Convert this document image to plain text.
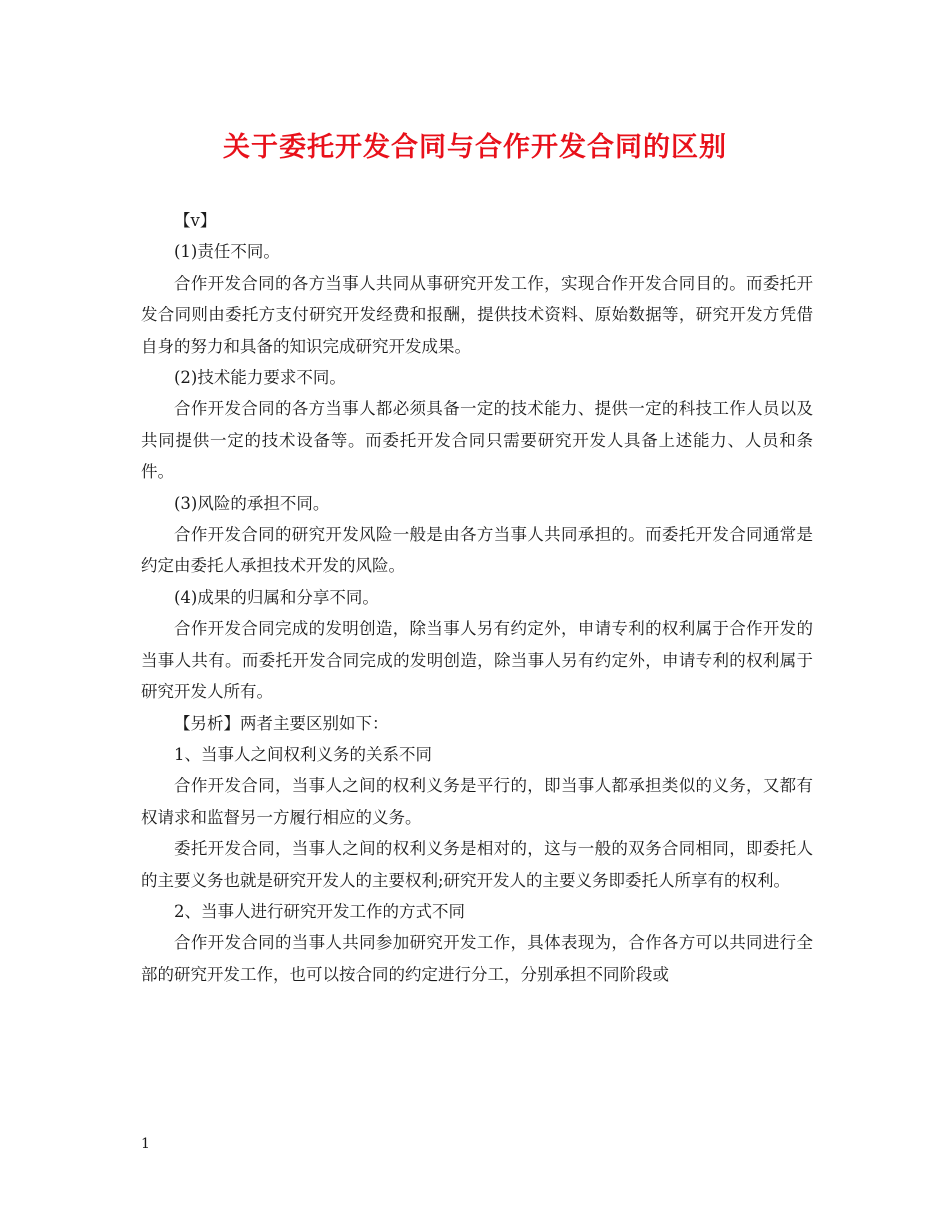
关于委托开发合同与合作开发合同的区别

【v】

(1)责任不同。

合作开发合同的各方当事人共同从事研究开发工作，实现合作开发合同目的。而委托开发合同则由委托方支付研究开发经费和报酬，提供技术资料、原始数据等，研究开发方凭借自身的努力和具备的知识完成研究开发成果。

(2)技术能力要求不同。

合作开发合同的各方当事人都必须具备一定的技术能力、提供一定的科技工作人员以及共同提供一定的技术设备等。而委托开发合同只需要研究开发人具备上述能力、人员和条件。

(3)风险的承担不同。

合作开发合同的研究开发风险一般是由各方当事人共同承担的。而委托开发合同通常是约定由委托人承担技术开发的风险。

(4)成果的归属和分享不同。

合作开发合同完成的发明创造，除当事人另有约定外，申请专利的权利属于合作开发的当事人共有。而委托开发合同完成的发明创造，除当事人另有约定外，申请专利的权利属于研究开发人所有。

【另析】两者主要区别如下：

1、当事人之间权利义务的关系不同

合作开发合同，当事人之间的权利义务是平行的，即当事人都承担类似的义务，又都有权请求和监督另一方履行相应的义务。

委托开发合同，当事人之间的权利义务是相对的，这与一般的双务合同相同，即委托人的主要义务也就是研究开发人的主要权利;研究开发人的主要义务即委托人所享有的权利。

2、当事人进行研究开发工作的方式不同

合作开发合同的当事人共同参加研究开发工作，具体表现为，合作各方可以共同进行全部的研究开发工作，也可以按合同的约定进行分工，分别承担不同阶段或

1
